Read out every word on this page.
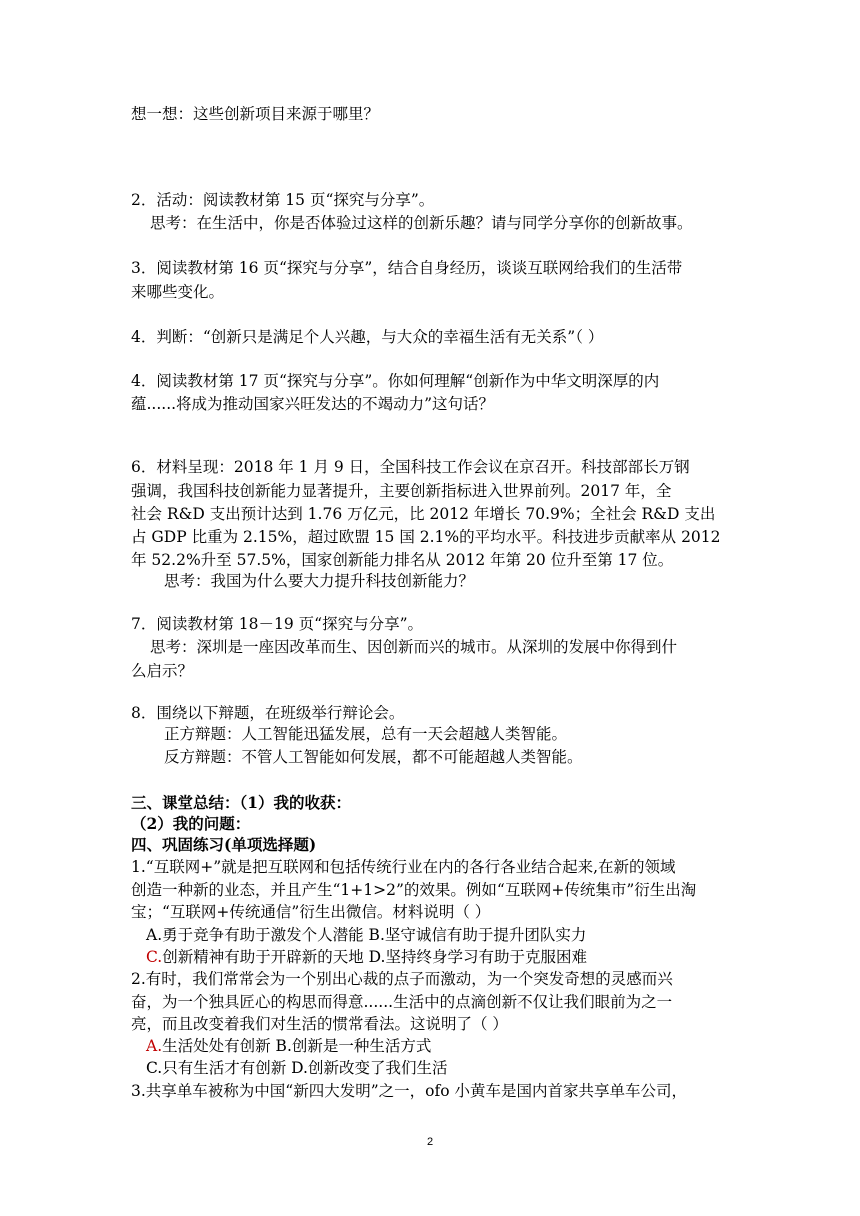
想一想：这些创新项目来源于哪里？
2．活动：阅读教材第 15 页“探究与分享”。
思考：在生活中，你是否体验过这样的创新乐趣？请与同学分享你的创新故事。
3．阅读教材第 16 页“探究与分享”，结合自身经历，谈谈互联网给我们的生活带
来哪些变化。
4．判断：“创新只是满足个人兴趣，与大众的幸福生活有无关系”（ ）
4．阅读教材第 17 页“探究与分享”。你如何理解“创新作为中华文明深厚的内
蕴......将成为推动国家兴旺发达的不竭动力”这句话？
6．材料呈现：2018 年 1 月 9 日，全国科技工作会议在京召开。科技部部长万钢
强调，我国科技创新能力显著提升，主要创新指标进入世界前列。2017 年，全
社会 R&D 支出预计达到 1.76 万亿元，比 2012 年增长 70.9%；全社会 R&D 支出
占 GDP 比重为 2.15%，超过欧盟 15 国 2.1%的平均水平。科技进步贡献率从 2012
年 52.2%升至 57.5%，国家创新能力排名从 2012 年第 20 位升至第 17 位。
思考：我国为什么要大力提升科技创新能力？
7．阅读教材第 18－19 页“探究与分享”。
思考：深圳是一座因改革而生、因创新而兴的城市。从深圳的发展中你得到什
么启示？
8．围绕以下辩题，在班级举行辩论会。
正方辩题：人工智能迅猛发展，总有一天会超越人类智能。
反方辩题：不管人工智能如何发展，都不可能超越人类智能。
三、课堂总结：（1）我的收获：
（2）我的问题：
四、巩固练习(单项选择题)
1.“互联网+”就是把互联网和包括传统行业在内的各行各业结合起来,在新的领域
创造一种新的业态，并且产生“1+1>2”的效果。例如“互联网+传统集市”衍生出淘
宝；“互联网+传统通信”衍生出微信。材料说明（ ）
A.勇于竞争有助于激发个人潜能 B.坚守诚信有助于提升团队实力
C.创新精神有助于开辟新的天地 D.坚持终身学习有助于克服困难
2.有时，我们常常会为一个别出心裁的点子而激动，为一个突发奇想的灵感而兴
奋，为一个独具匠心的构思而得意......生活中的点滴创新不仅让我们眼前为之一
亮，而且改变着我们对生活的惯常看法。这说明了（ ）
A.生活处处有创新 B.创新是一种生活方式
C.只有生活才有创新 D.创新改变了我们生活
3.共享单车被称为中国“新四大发明”之一，ofo 小黄车是国内首家共享单车公司，
2
